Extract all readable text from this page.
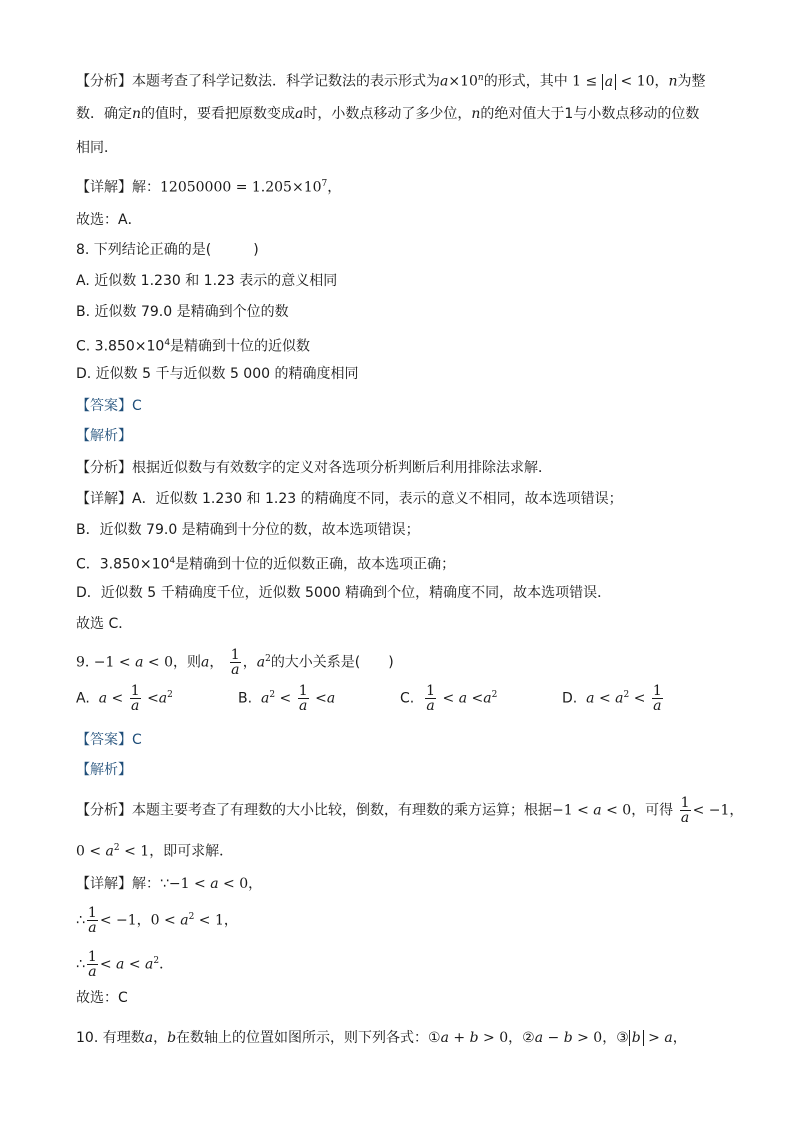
【分析】本题考查了科学记数法．科学记数法的表示形式为$a\times 10^n$的形式，其中 1 ≤ a < 10，n为整
数．确定n的值时，要看把原数变成a时，小数点移动了多少位，n的绝对值大于1与小数点移动的位数
相同．
【详解】解：$12050000 = 1.205\times 10^7$，
故选：A．
8. 下列结论正确的是(　　　)
A. 近似数 1.230 和 1.23 表示的意义相同
B. 近似数 79.0 是精确到个位的数
C. $3.850\times 10^4$是精确到十位的近似数
D. 近似数 5 千与近似数 5 000 的精确度相同
【答案】C
【解析】
【分析】根据近似数与有效数字的定义对各选项分析判断后利用排除法求解．
【详解】A．近似数 1.230 和 1.23 的精确度不同，表示的意义不相同，故本选项错误；
B．近似数 79.0 是精确到十分位的数，故本选项错误；
C．$3.850\times 10^4$是精确到十位的近似数正确，故本选项正确；
D．近似数 5 千精确度千位，近似数 5000 精确到个位，精确度不同，故本选项错误．
故选 C．
9. −1 < a < 0，则a， $\frac{1}{a}$ ，$a^2$的大小关系是(　　)
A. $a < \frac{1}{a} <a^2$	B. $a^2 < \frac{1}{a} <a$	C. $\frac{1}{a} < a <a^2$	D. $a < a^2 < \frac{1}{a}$
【答案】C
【解析】
【分析】本题主要考查了有理数的大小比较，倒数，有理数的乘方运算；根据−1 < a < 0，可得 $\frac{1}{a} < -1$，
$0 < a^2 < 1$，即可求解．
【详解】解：∵−1 < a < 0，
∴ $\frac{1}{a} < -1$，$0 < a^2 < 1$，
∴ $\frac{1}{a} < a < a^2$．
故选：C
10. 有理数a，b在数轴上的位置如图所示，则下列各式：①a + b > 0，②a − b > 0，③ b > a，
